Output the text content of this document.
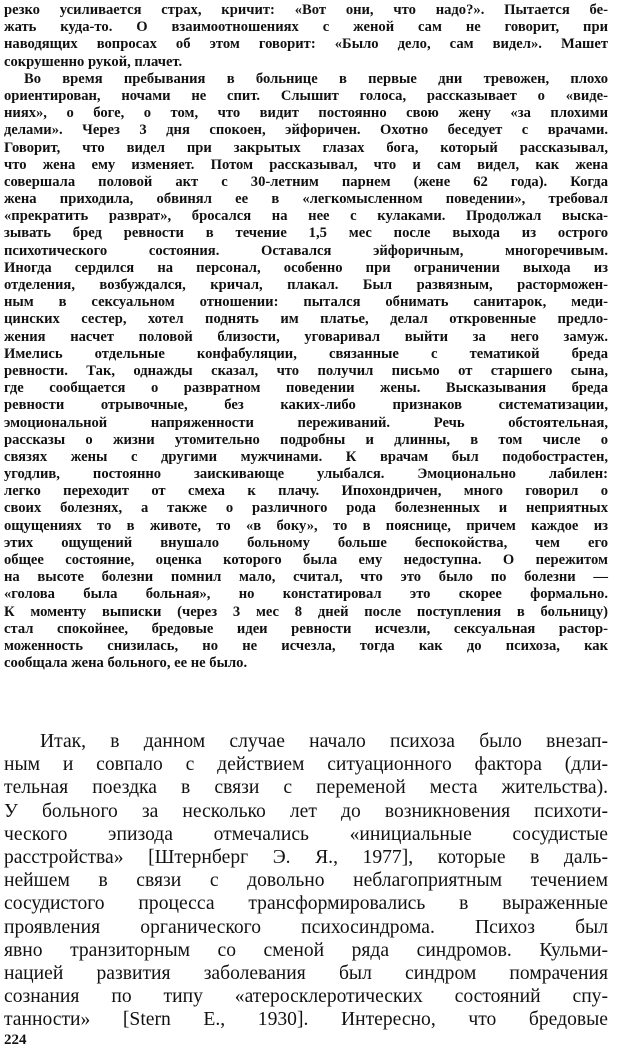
резко усиливается страх, кричит: «Вот они, что надо?». Пытается бе-
жать куда-то. О взаимоотношениях с женой сам не говорит, при
наводящих вопросах об этом говорит: «Было дело, сам видел». Машет
сокрушенно рукой, плачет.
Во время пребывания в больнице в первые дни тревожен, плохо
ориентирован, ночами не спит. Слышит голоса, рассказывает о «виде-
ниях», о боге, о том, что видит постоянно свою жену «за плохими
делами». Через 3 дня спокоен, эйфоричен. Охотно беседует с врачами.
Говорит, что видел при закрытых глазах бога, который рассказывал,
что жена ему изменяет. Потом рассказывал, что и сам видел, как жена
совершала половой акт с 30-летним парнем (жене 62 года). Когда
жена приходила, обвинял ее в «легкомысленном поведении», требовал
«прекратить разврат», бросался на нее с кулаками. Продолжал выска-
зывать бред ревности в течение 1,5 мес после выхода из острого
психотического состояния. Оставался эйфоричным, многоречивым.
Иногда сердился на персонал, особенно при ограничении выхода из
отделения, возбуждался, кричал, плакал. Был развязным, расторможен-
ным в сексуальном отношении: пытался обнимать санитарок, меди-
цинских сестер, хотел поднять им платье, делал откровенные предло-
жения насчет половой близости, уговаривал выйти за него замуж.
Имелись отдельные конфабуляции, связанные с тематикой бреда
ревности. Так, однажды сказал, что получил письмо от старшего сына,
где сообщается о развратном поведении жены. Высказывания бреда
ревности отрывочные, без каких-либо признаков систематизации,
эмоциональной напряженности переживаний. Речь обстоятельная,
рассказы о жизни утомительно подробны и длинны, в том числе о
связях жены с другими мужчинами. К врачам был подобострастен,
угодлив, постоянно заискивающе улыбался. Эмоционально лабилен:
легко переходит от смеха к плачу. Ипохондричен, много говорил о
своих болезнях, а также о различного рода болезненных и неприятных
ощущениях то в животе, то «в боку», то в пояснице, причем каждое из
этих ощущений внушало больному больше беспокойства, чем его
общее состояние, оценка которого была ему недоступна. О пережитом
на высоте болезни помнил мало, считал, что это было по болезни —
«голова была больная», но констатировал это скорее формально.
К моменту выписки (через 3 мес 8 дней после поступления в больницу)
стал спокойнее, бредовые идеи ревности исчезли, сексуальная растор-
моженность снизилась, но не исчезла, тогда как до психоза, как
сообщала жена больного, ее не было.
Итак, в данном случае начало психоза было внезап-
ным и совпало с действием ситуационного фактора (дли-
тельная поездка в связи с переменой места жительства).
У больного за несколько лет до возникновения психоти-
ческого эпизода отмечались «инициальные сосудистые
расстройства» [Штернберг Э. Я., 1977], которые в даль-
нейшем в связи с довольно неблагоприятным течением
сосудистого процесса трансформировались в выраженные
проявления органического психосиндрома. Психоз был
явно транзиторным со сменой ряда синдромов. Кульми-
нацией развития заболевания был синдром помрачения
сознания по типу «атеросклеротических состояний спу-
танности» [Stern E., 1930]. Интересно, что бредовые
224
